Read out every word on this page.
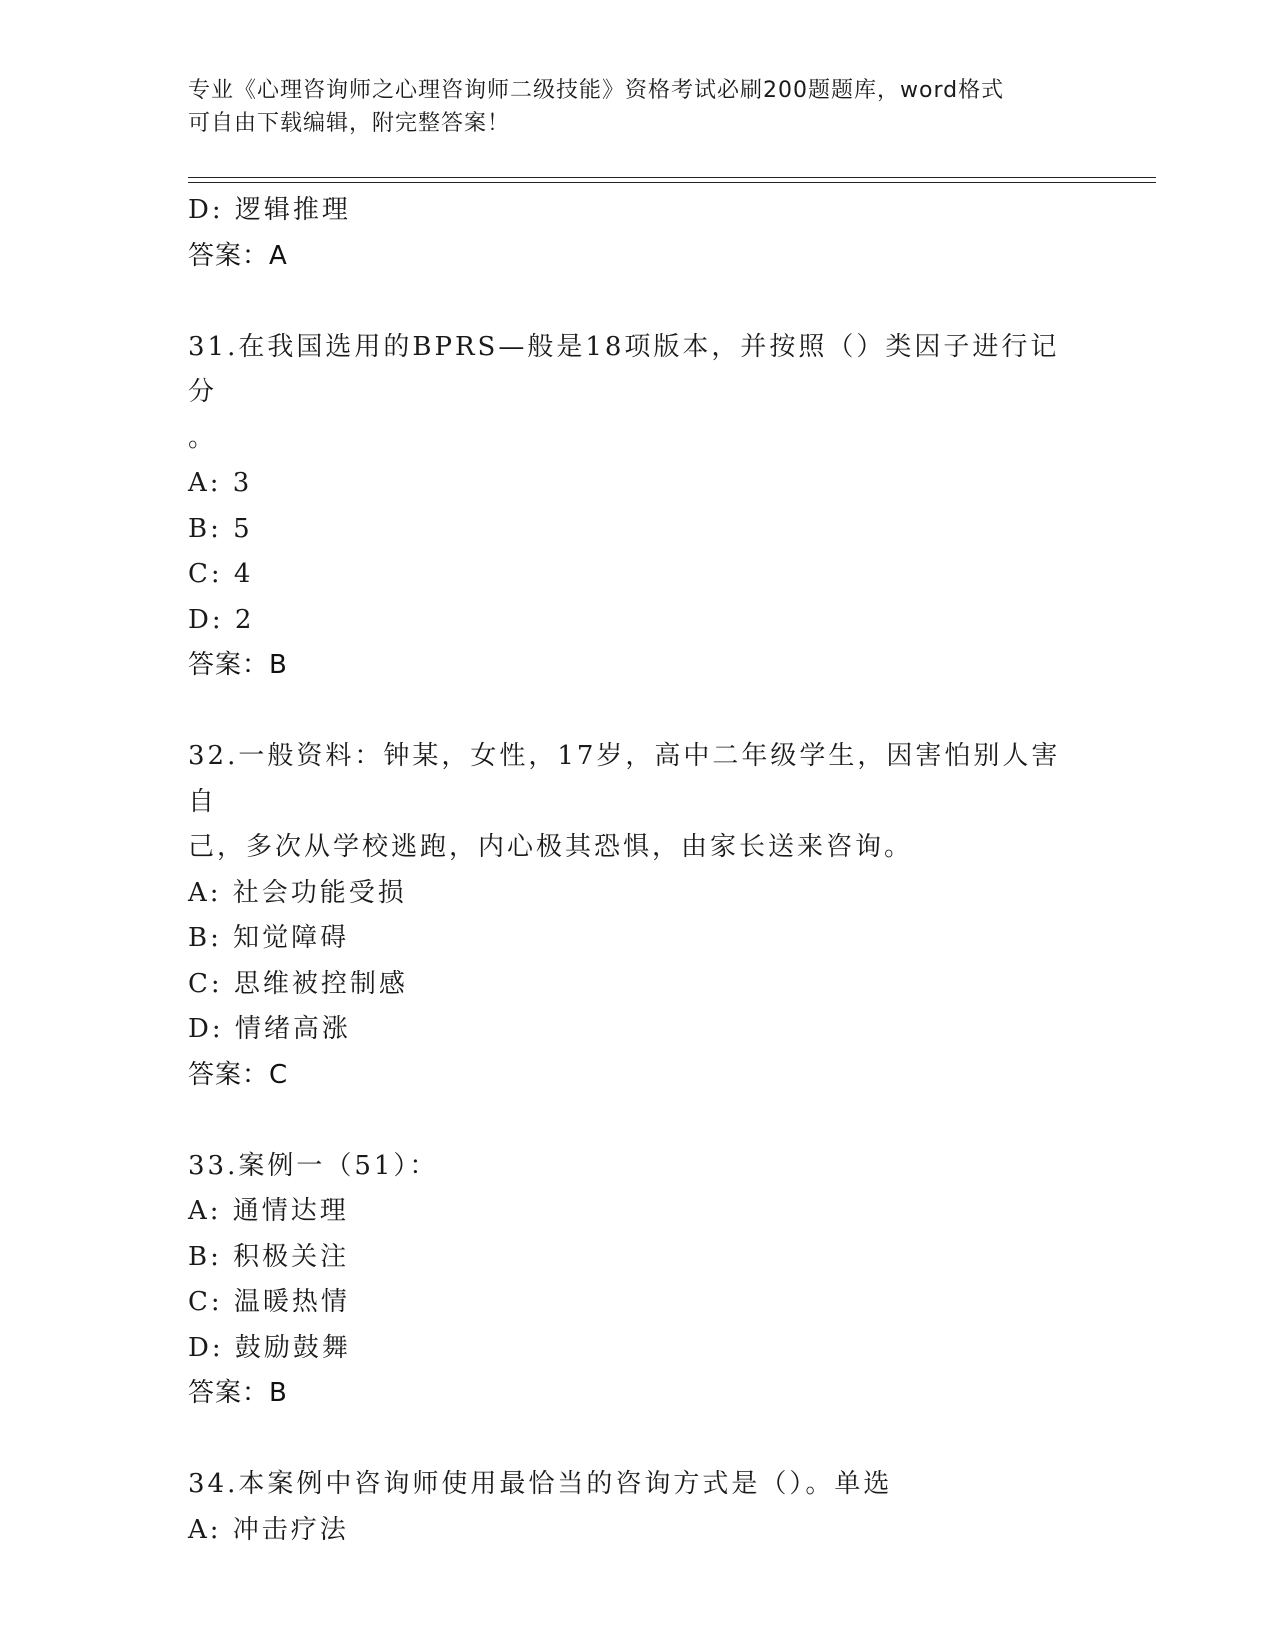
专业《心理咨询师之心理咨询师二级技能》资格考试必刷200题题库，word格式
可自由下载编辑，附完整答案！
D: 逻辑推理
答案：A
31.在我国选用的BPRS—般是18项版本，并按照（）类因子进行记分
。
A: 3
B: 5
C: 4
D: 2
答案：B
32.一般资料：钟某，女性，17岁，高中二年级学生，因害怕别人害自
己，多次从学校逃跑，内心极其恐惧，由家长送来咨询。
A: 社会功能受损
B: 知觉障碍
C: 思维被控制感
D: 情绪高涨
答案：C
33.案例一（51）：
A: 通情达理
B: 积极关注
C: 温暖热情
D: 鼓励鼓舞
答案：B
34.本案例中咨询师使用最恰当的咨询方式是（）。单选
A: 冲击疗法
